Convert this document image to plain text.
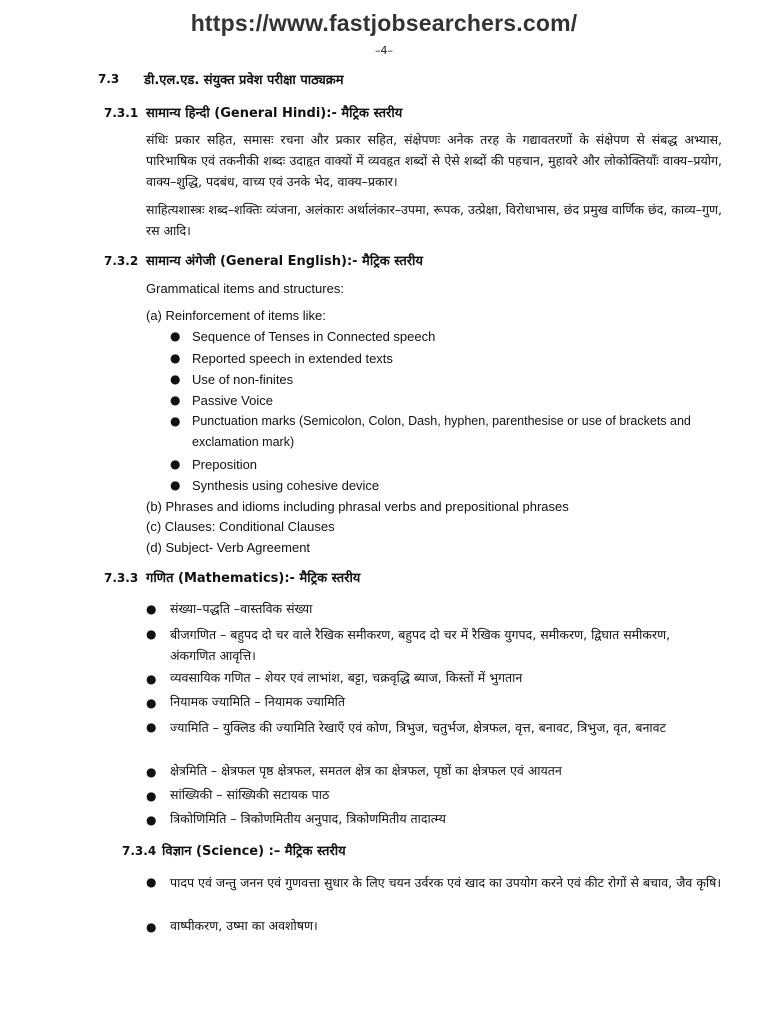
https://www.fastjobsearchers.com/
–4–
7.3 डी.एल.एड. संयुक्त प्रवेश परीक्षा पाठ्यक्रम
7.3.1 सामान्य हिन्दी (General Hindi):- मैट्रिक स्तरीय
संधिः प्रकार सहित, समासः रचना और प्रकार सहित, संक्षेपणः अनेक तरह के गद्यावतरणों के संक्षेपण से संबद्ध अभ्यास, पारिभाषिक एवं तकनीकी शब्दः उदाहृत वाक्यों में व्यवहृत शब्दों से ऐसे शब्दों की पहचान, मुहावरे और लोकोक्तियाँः वाक्य–प्रयोग, वाक्य–शुद्धि, पदबंध, वाच्य एवं उनके भेद, वाक्य–प्रकार।
साहित्यशास्त्रः शब्द–शक्तिः व्यंजना, अलंकारः अर्थालंकार–उपमा, रूपक, उत्प्रेक्षा, विरोधाभास, छंद प्रमुख वार्णिक छंद, काव्य–गुण, रस आदि।
7.3.2 सामान्य अंगेजी (General English):- मैट्रिक स्तरीय
Grammatical items and structures:
(a) Reinforcement of items like:
● Sequence of Tenses in Connected speech
● Reported speech in extended texts
● Use of non-finites
● Passive Voice
● Punctuation marks (Semicolon, Colon, Dash, hyphen, parenthesise or use of brackets and exclamation mark)
● Preposition
● Synthesis using cohesive device
(b) Phrases and idioms including phrasal verbs and prepositional phrases
(c) Clauses: Conditional Clauses
(d) Subject- Verb Agreement
7.3.3 गणित (Mathematics):- मैट्रिक स्तरीय
● संख्या–पद्धति –वास्तविक संख्या
● बीजगणित – बहुपद दो चर वाले रैखिक समीकरण, बहुपद दो चर में रैखिक युगपद, समीकरण, द्विघात समीकरण, अंकगणित आवृत्ति।
● व्यवसायिक गणित – शेयर एवं लाभांश, बट्टा, चक्रवृद्धि ब्याज, किस्तों में भुगतान
● नियामक ज्यामिति – नियामक ज्यामिति
● ज्यामिति – युक्लिड की ज्यामिति रेखाएँ एवं कोण, त्रिभुज, चतुर्भज, क्षेत्रफल, वृत्त, बनावट, त्रिभुज, वृत, बनावट
● क्षेत्रमिति – क्षेत्रफल पृष्ठ क्षेत्रफल, समतल क्षेत्र का क्षेत्रफल, पृष्ठों का क्षेत्रफल एवं आयतन
● सांख्यिकी – सांख्यिकी सटायक पाठ
● त्रिकोणिमिति – त्रिकोणमितीय अनुपाद, त्रिकोणमितीय तादात्म्य
7.3.4 विज्ञान (Science) :– मैट्रिक स्तरीय
● पादप एवं जन्तु जनन एवं गुणवत्ता सुधार के लिए चयन उर्वरक एवं खाद का उपयोग करने एवं कीट रोगों से बचाव, जैव कृषि।
● वाष्पीकरण, उष्मा का अवशोषण।
